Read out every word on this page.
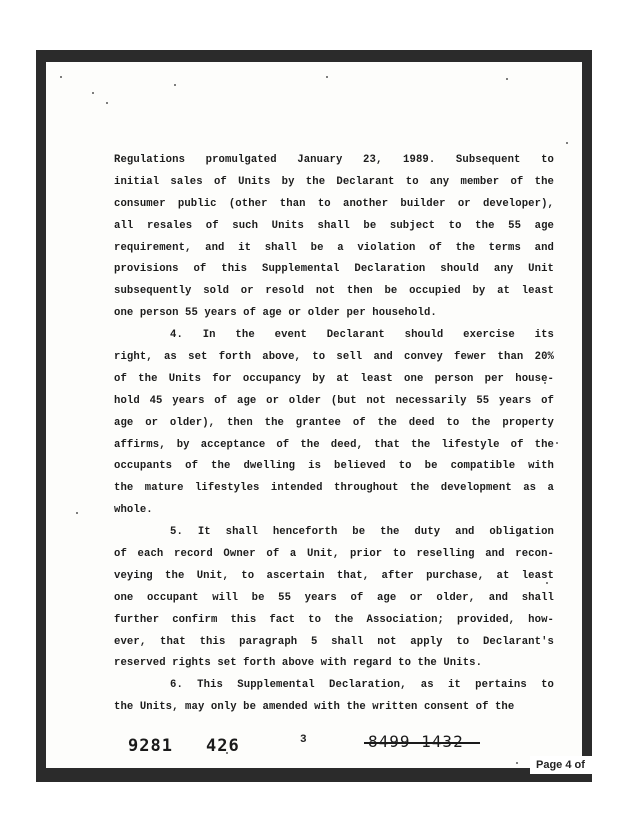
Regulations promulgated January 23, 1989. Subsequent to
initial sales of Units by the Declarant to any member of the
consumer public (other than to another builder or developer),
all resales of such Units shall be subject to the 55 age
requirement, and it shall be a violation of the terms and
provisions of this Supplemental Declaration should any Unit
subsequently sold or resold not then be occupied by at least
one person 55 years of age or older per household.
4. In the event Declarant should exercise its
right, as set forth above, to sell and convey fewer than 20%
of the Units for occupancy by at least one person per house-
hold 45 years of age or older (but not necessarily 55 years of
age or older), then the grantee of the deed to the property
affirms, by acceptance of the deed, that the lifestyle of the
occupants of the dwelling is believed to be compatible with
the mature lifestyles intended throughout the development as a
whole.
5. It shall henceforth be the duty and obligation
of each record Owner of a Unit, prior to reselling and recon-
veying the Unit, to ascertain that, after purchase, at least
one occupant will be 55 years of age or older, and shall
further confirm this fact to the Association; provided, how-
ever, that this paragraph 5 shall not apply to Declarant's
reserved rights set forth above with regard to the Units.
6. This Supplemental Declaration, as it pertains to
the Units, may only be amended with the written consent of the
9281 426	3
Page 4 of
